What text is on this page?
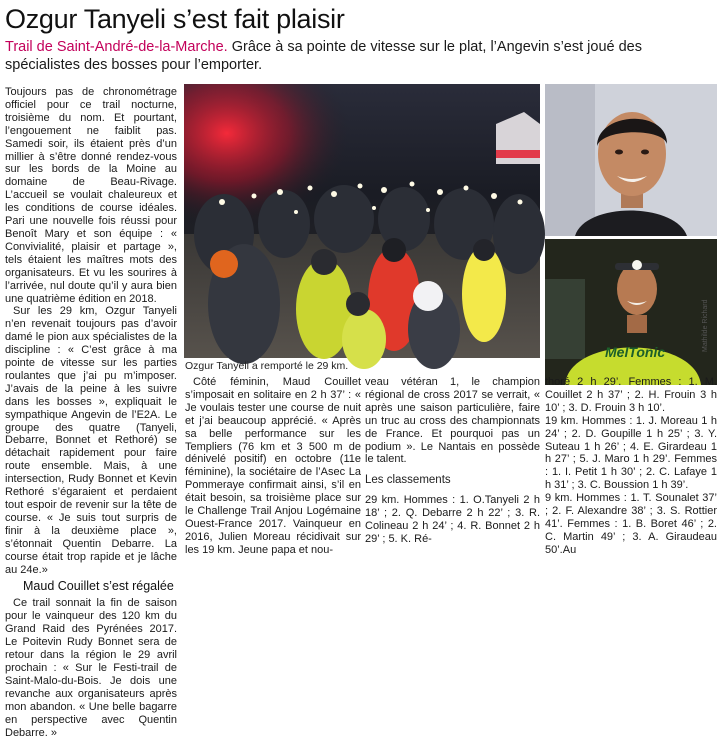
Ozgur Tanyeli s’est fait plaisir
Trail de Saint-André-de-la-Marche. Grâce à sa pointe de vitesse sur le plat, l’Angevin s’est joué des spécialistes des bosses pour l’emporter.

Toujours pas de chronométrage officiel pour ce trail nocturne, troisième du nom. Et pourtant, l’engouement ne faiblit pas. Samedi soir, ils étaient près d’un millier à s’être donné rendez-vous sur les bords de la Moine au domaine de Beau-Rivage. L’accueil se voulait chaleureux et les conditions de course idéales. Pari une nouvelle fois réussi pour Benoît Mary et son équipe : « Convivialité, plaisir et partage », tels étaient les maîtres mots des organisateurs. Et vu les sourires à l’arrivée, nul doute qu’il y aura bien une quatrième édition en 2018.

Sur les 29 km, Ozgur Tanyeli n’en revenait toujours pas d’avoir damé le pion aux spécialistes de la discipline : « C’est grâce à ma pointe de vitesse sur les parties roulantes que j’ai pu m’imposer. J’avais de la peine à les suivre dans les bosses », expliquait le sympathique Angevin de l’E2A. Le groupe des quatre (Tanyeli, Debarre, Bonnet et Rethoré) se détachait rapidement pour faire route ensemble. Mais, à une intersection, Rudy Bonnet et Kevin Rethoré s’égaraient et perdaient tout espoir de revenir sur la tête de course. « Je suis tout surpris de finir à la deuxième place », s’étonnait Quentin Debarre. La course était trop rapide et je lâche au 24e.»

Maud Couillet s’est régalée

Ce trail sonnait la fin de saison pour le vainqueur des 120 km du Grand Raid des Pyrénées 2017. Le Poitevin Rudy Bonnet sera de retour dans la région le 29 avril prochain : « Sur le Festi-trail de Saint-Malo-du-Bois. Je dois une revanche aux organisateurs après mon abandon. « Une belle bagarre en perspective avec Quentin Debarre. »

MelTonic	Mathilde Richard
Ozgur Tanyeli a remporté le 29 km.

Côté féminin, Maud Couillet s’imposait en solitaire en 2 h 37’ : « Je voulais tester une course de nuit et j’ai beaucoup apprécié. « Après sa belle performance sur les Templiers (76 km et 3 500 m de dénivelé positif) en octobre (11e féminine), la sociétaire de l’Asec La Pommeraye confirmait ainsi, s’il en était besoin, sa troisième place sur le Challenge Trail Anjou Logémaine Ouest-France 2017. Vainqueur en 2016, Julien Moreau récidivait sur les 19 km. Jeune papa et nou-

veau vétéran 1, le champion régional de cross 2017 se verrait, « après une saison particulière, faire un truc au cross des championnats de France. Et pourquoi pas un podium ». Le Nantais en possède le talent.

Les classements

29 km. Hommes : 1. O.Tanyeli 2 h 18’ ; 2. Q. Debarre 2 h 22’ ; 3. R. Colineau 2 h 24’ ; 4. R. Bonnet 2 h 29’ ; 5. K. Ré-

thoré 2 h 29’. Femmes : 1. M. Couillet 2 h 37’ ; 2. H. Frouin 3 h 10’ ; 3. D. Frouin 3 h 10’.

19 km. Hommes : 1. J. Moreau 1 h 24’ ; 2. D. Goupille 1 h 25’ ; 3. Y. Suteau 1 h 26’ ; 4. E. Girardeau 1 h 27’ ; 5. J. Maro 1 h 29’. Femmes : 1. I. Petit 1 h 30’ ; 2. C. Lafaye 1 h 31’ ; 3. C. Boussion 1 h 39’.

9 km. Hommes : 1. T. Sounalet 37’ ; 2. F. Alexandre 38’ ; 3. S. Rottier 41’. Femmes : 1. B. Boret 46’ ; 2. C. Martin 49’ ; 3. A. Giraudeau 50’.Au
